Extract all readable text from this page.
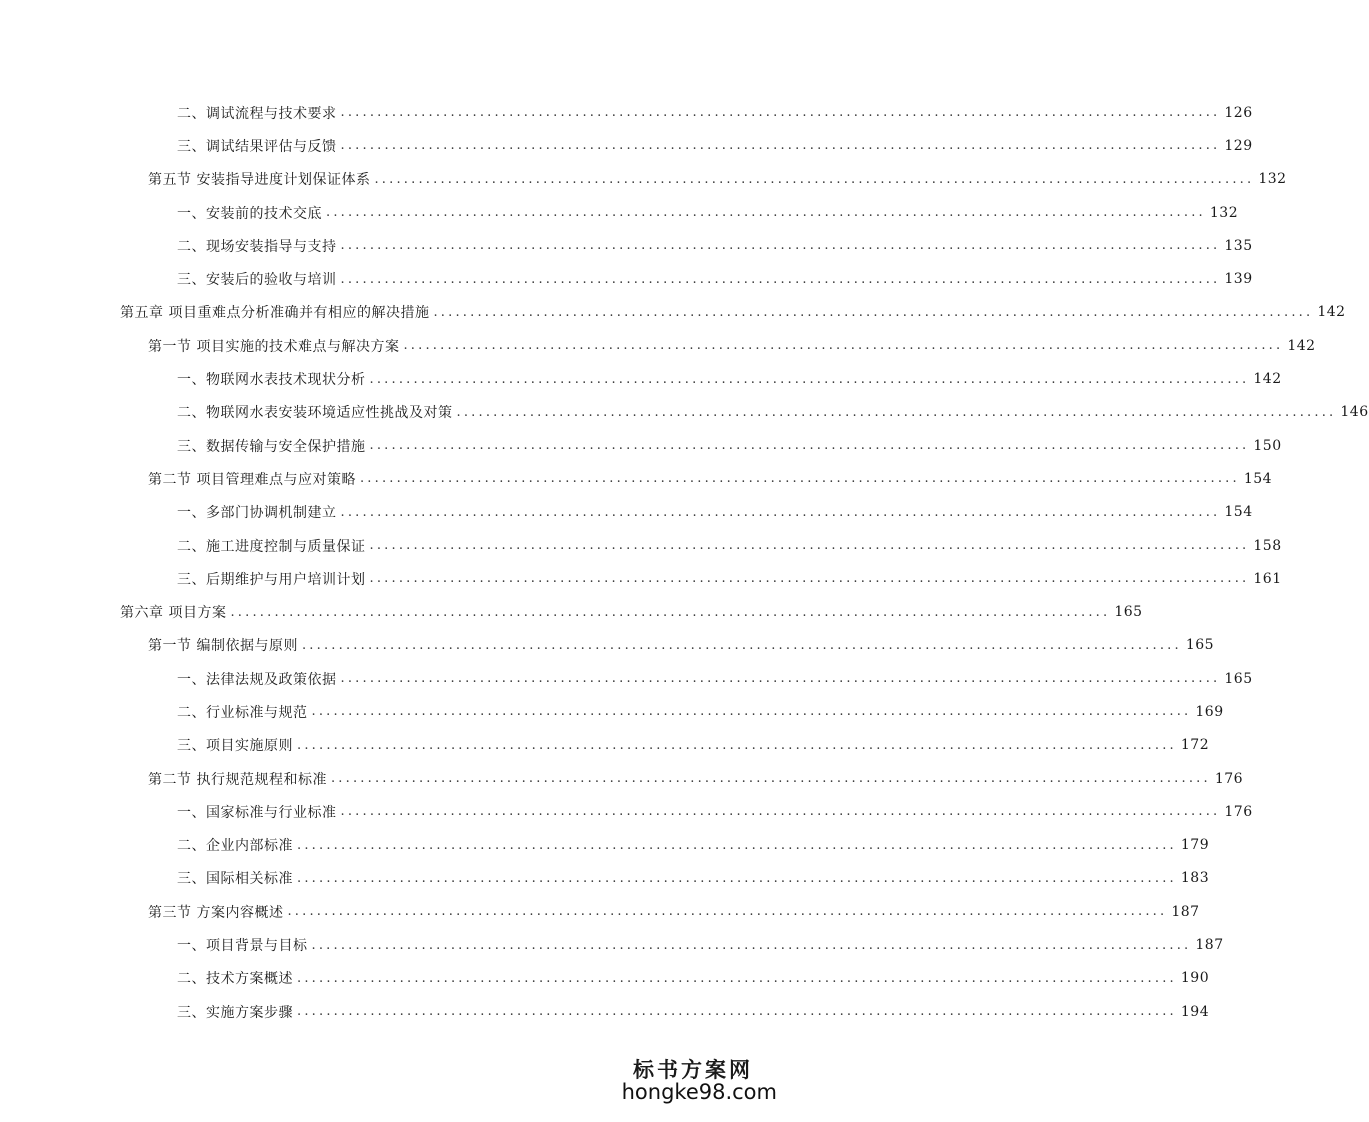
二、调试流程与技术要求 ........................................................................................................................ 126
三、调试结果评估与反馈 ........................................................................................................................ 129
第五节 安装指导进度计划保证体系 ........................................................................................................................ 132
一、安装前的技术交底 ........................................................................................................................ 132
二、现场安装指导与支持 ........................................................................................................................ 135
三、安装后的验收与培训 ........................................................................................................................ 139
第五章 项目重难点分析准确并有相应的解决措施 ........................................................................................................................ 142
第一节 项目实施的技术难点与解决方案 ........................................................................................................................ 142
一、物联网水表技术现状分析 ........................................................................................................................ 142
二、物联网水表安装环境适应性挑战及对策 ........................................................................................................................ 146
三、数据传输与安全保护措施 ........................................................................................................................ 150
第二节 项目管理难点与应对策略 ........................................................................................................................ 154
一、多部门协调机制建立 ........................................................................................................................ 154
二、施工进度控制与质量保证 ........................................................................................................................ 158
三、后期维护与用户培训计划 ........................................................................................................................ 161
第六章 项目方案 ........................................................................................................................ 165
第一节 编制依据与原则 ........................................................................................................................ 165
一、法律法规及政策依据 ........................................................................................................................ 165
二、行业标准与规范 ........................................................................................................................ 169
三、项目实施原则 ........................................................................................................................ 172
第二节 执行规范规程和标准 ........................................................................................................................ 176
一、国家标准与行业标准 ........................................................................................................................ 176
二、企业内部标准 ........................................................................................................................ 179
三、国际相关标准 ........................................................................................................................ 183
第三节 方案内容概述 ........................................................................................................................ 187
一、项目背景与目标 ........................................................................................................................ 187
二、技术方案概述 ........................................................................................................................ 190
三、实施方案步骤 ........................................................................................................................ 194
标书方案网
hongke98.com
